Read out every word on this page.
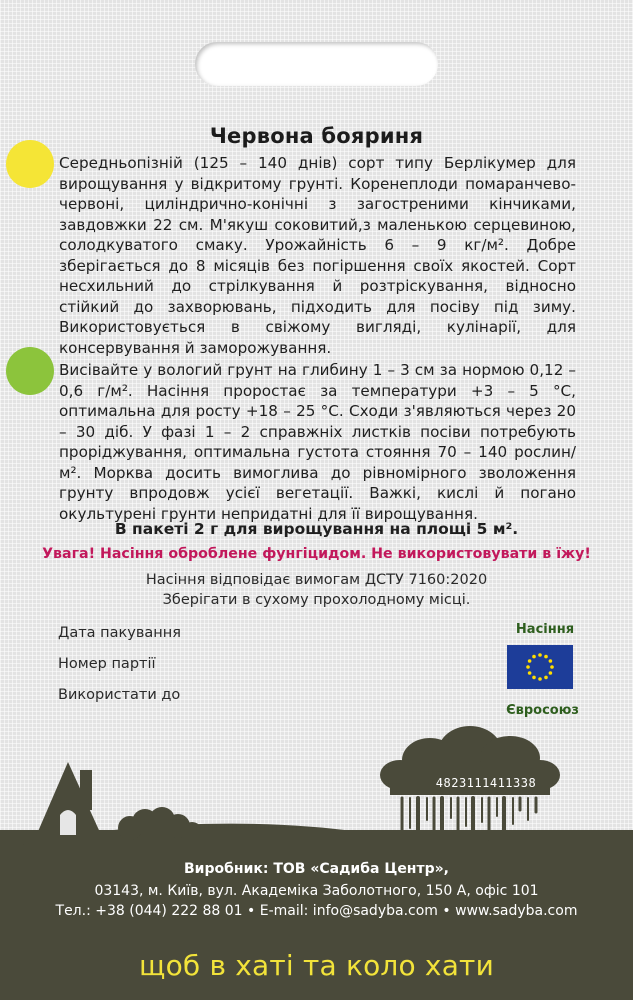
Червона бояриня
Середньопізній (125 – 140 днів) сорт типу Берлікумер для вирощування у відкритому грунті. Коренеплоди помаранчево-червоні, циліндрично-конічні з загостреними кінчиками, завдовжки 22 см. М'якуш соковитий,з маленькою серцевиною, солодкуватого смаку. Урожайність 6 – 9 кг/м². Добре зберігається до 8 місяців без погіршення своїх якостей. Сорт несхильний до стрілкування й розтріскування, відносно стійкий до захворювань, підходить для посіву під зиму. Використовується в свіжому вигляді, кулінарії, для консервування й заморожування.
Висівайте у вологий грунт на глибину 1 – 3 см за нормою 0,12 – 0,6 г/м². Насіння проростає за температури +3 – 5 °С, оптимальна для росту +18 – 25 °С. Сходи з'являються через 20 – 30 діб. У фазі 1 – 2 справжніх листків посіви потребують проріджування, оптимальна густота стояння 70 – 140 рослин/м². Морква досить вимоглива до рівномірного зволоження грунту впродовж усієї вегетації. Важкі, кислі й погано окультурені грунти непридатні для її вирощування.
В пакеті 2 г для вирощування на площі 5 м².
Увага! Насіння оброблене фунгіцидом. Не використовувати в їжу!
Насіння відповідає вимогам ДСТУ 7160:2020
Зберігати в сухому прохолодному місці.
Дата пакування
Номер партії
Використати до
Насіння
Євросоюз
4823111411338
Виробник: ТОВ «Садиба Центр»,
03143, м. Київ, вул. Академіка Заболотного, 150 А, офіс 101
Тел.: +38 (044) 222 88 01 • E-mail: info@sadyba.com • www.sadyba.com
щоб в хаті та коло хати
